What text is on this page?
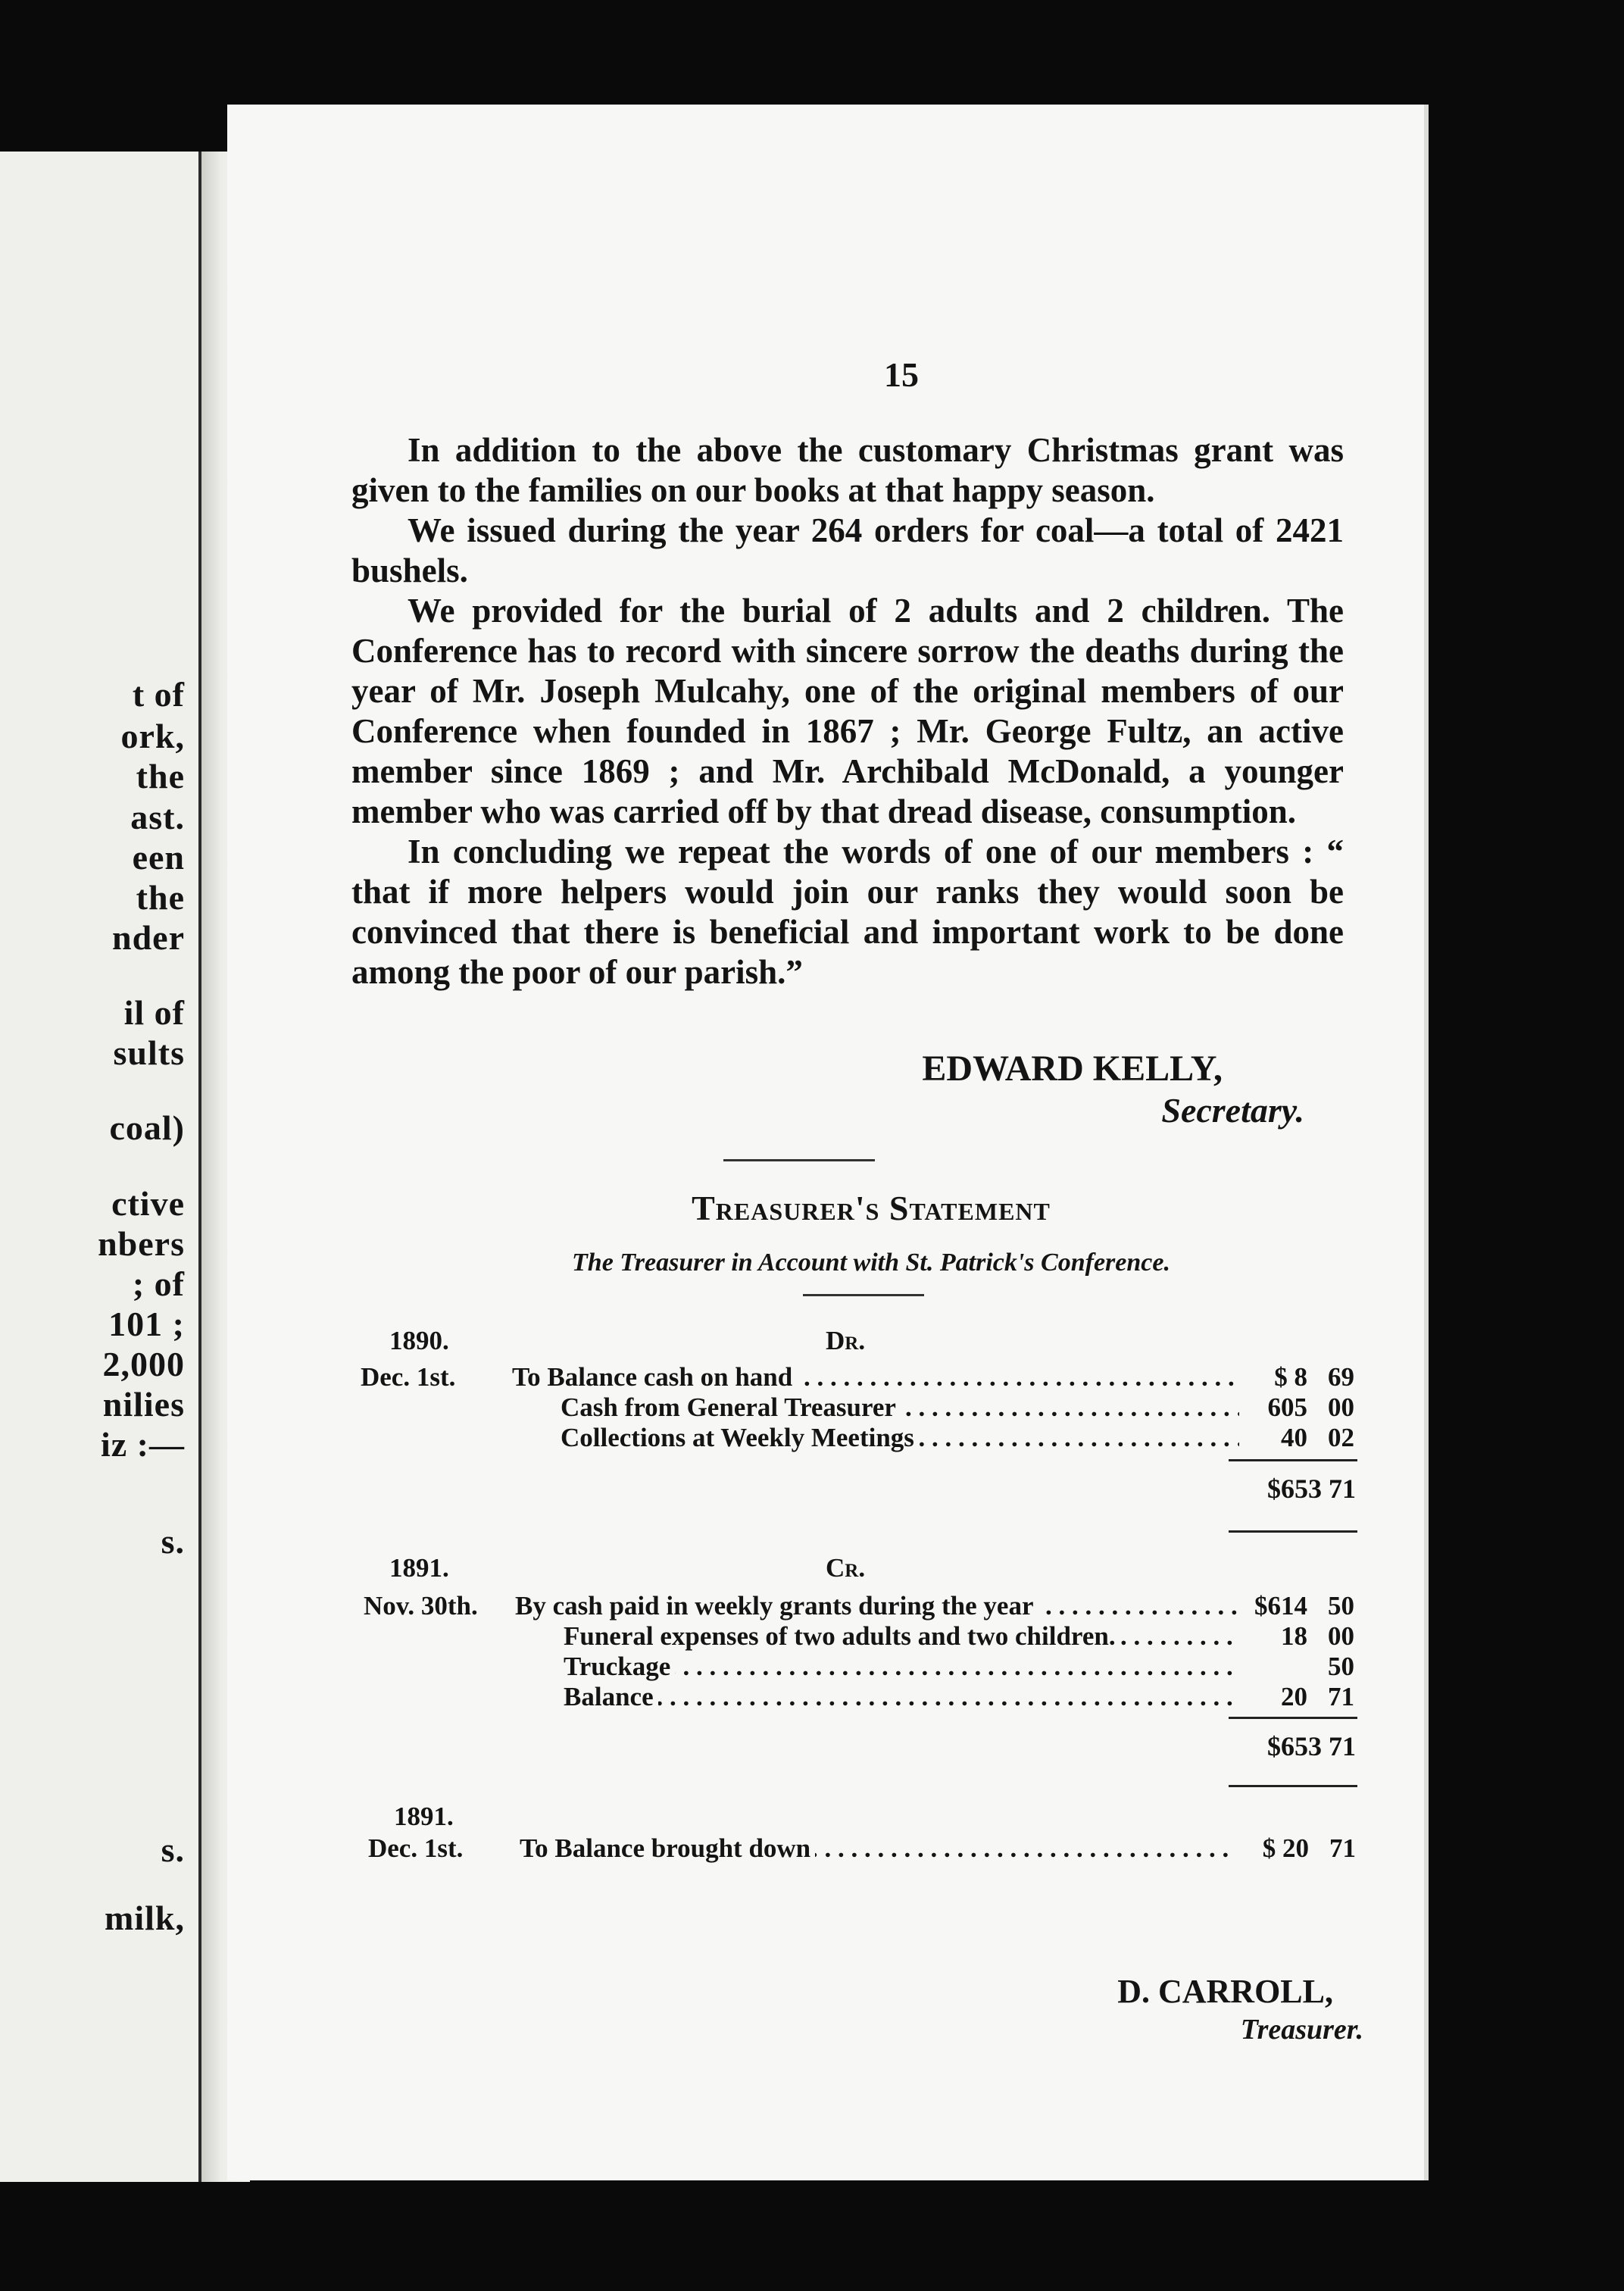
t of
ork,
the
ast.
een
the
nder
il of
sults
coal)
ctive
nbers
; of
101 ;
2,000
nilies
iz :—
s.
s.
milk,
15

In addition to the above the customary Christmas grant was given to the families on our books at that happy season.

We issued during the year 264 orders for coal—a total of 2421 bushels.

We provided for the burial of 2 adults and 2 children. The Conference has to record with sincere sorrow the deaths during the year of Mr. Joseph Mulcahy, one of the original members of our Conference when founded in 1867 ; Mr. George Fultz, an active member since 1869 ; and Mr. Archibald McDonald, a younger member who was carried off by that dread disease, consumption.

In concluding we repeat the words of one of our members : “ that if more helpers would join our ranks they would soon be convinced that there is beneficial and important work to be done among the poor of our parish.”

EDWARD KELLY,
Secretary.
Treasurer's Statement
The Treasurer in Account with St. Patrick's Conference.
1890.	Dr.
Dec. 1st.	To Balance cash on hand . . .	$ 8 69
Cash from General Treasurer . . .	605 00
Collections at Weekly Meetings . . .	40 02
$653 71
1891.	Cr.
Nov. 30th.	By cash paid in weekly grants during the year . . .	$614 50
Funeral expenses of two adults and two children. . . .	18 00
Truckage . . .	50
Balance . . .	20 71
$653 71
1891.
Dec. 1st.	To Balance brought down . . .	$ 20 71
D. CARROLL,
Treasurer.
